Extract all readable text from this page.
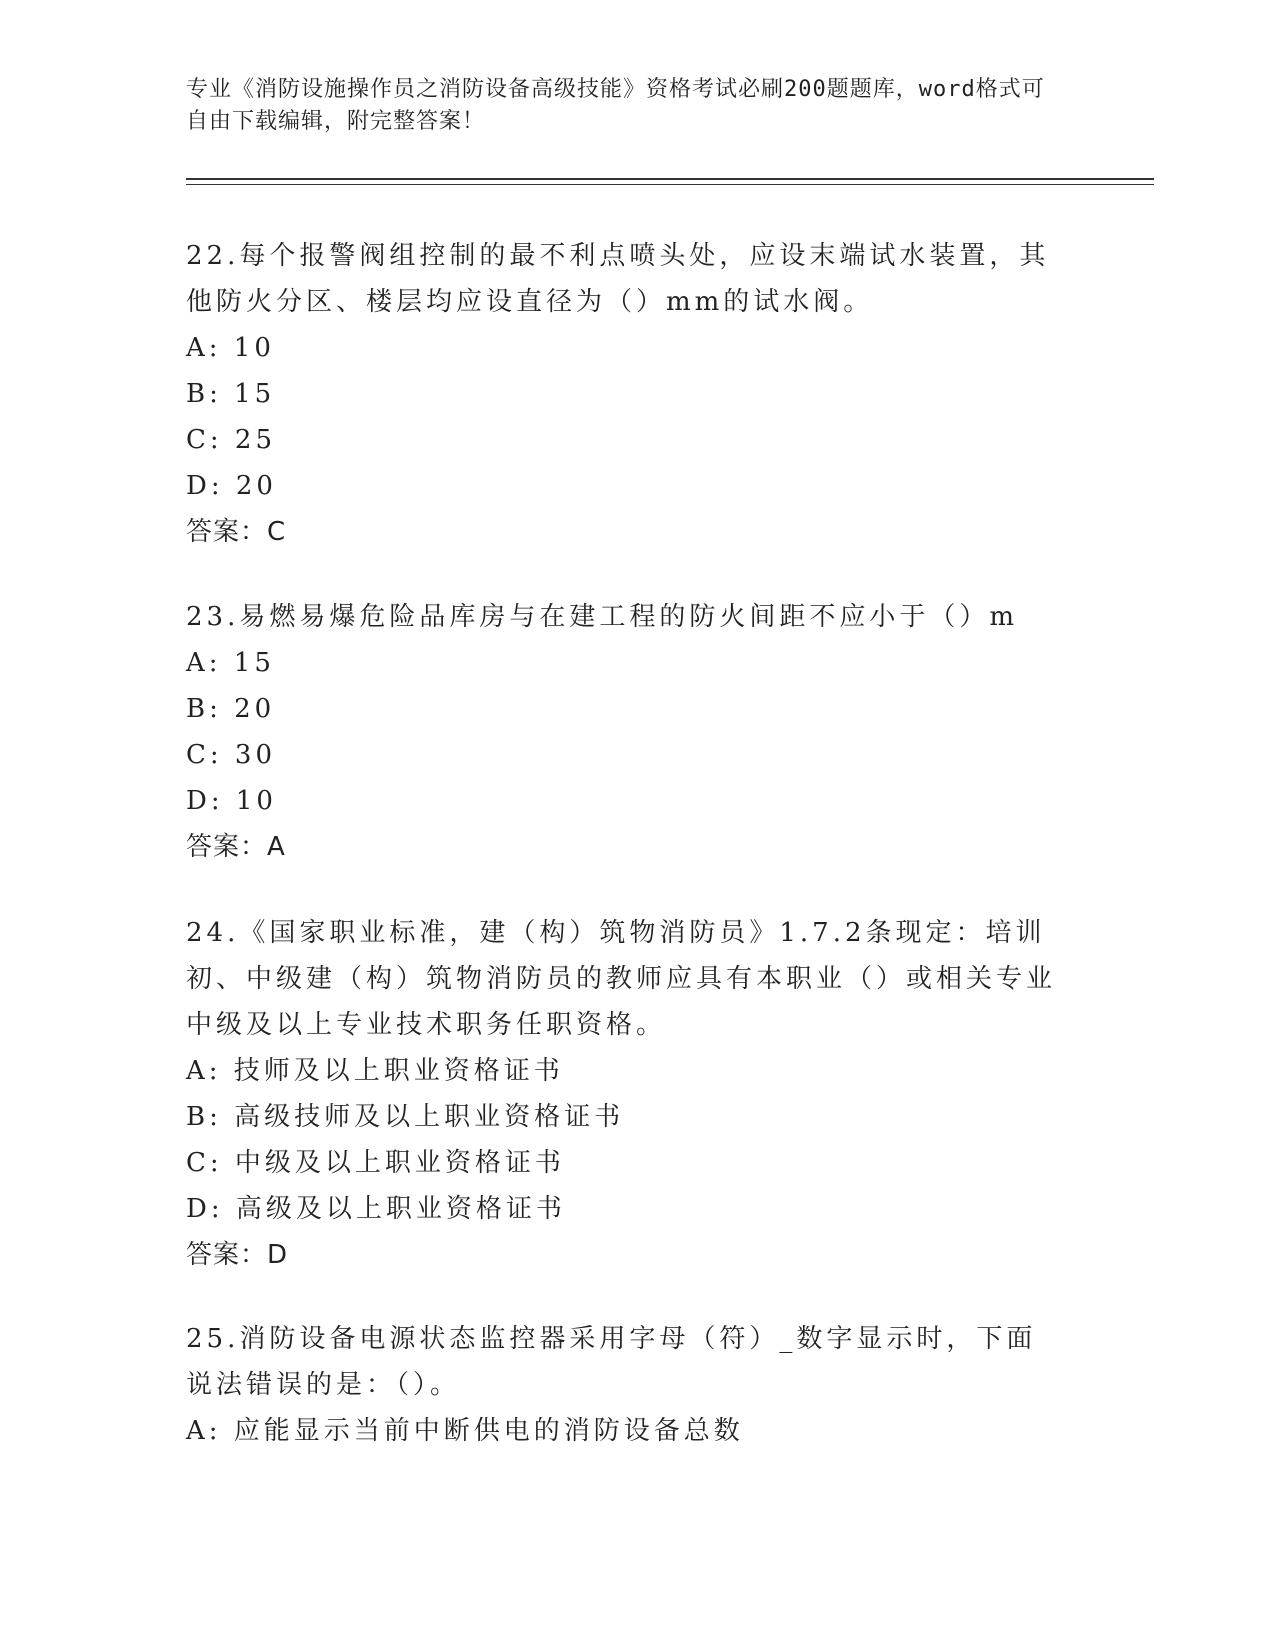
专业《消防设施操作员之消防设备高级技能》资格考试必刷200题题库，word格式可自由下载编辑，附完整答案！
22.每个报警阀组控制的最不利点喷头处，应设末端试水装置，其他防火分区、楼层均应设直径为（）mm的试水阀。
A: 10
B: 15
C: 25
D: 20
答案：C
23.易燃易爆危险品库房与在建工程的防火间距不应小于（）m
A: 15
B: 20
C: 30
D: 10
答案：A
24.《国家职业标准，建（构）筑物消防员》1.7.2条现定：培训初、中级建（构）筑物消防员的教师应具有本职业（）或相关专业中级及以上专业技术职务任职资格。
A: 技师及以上职业资格证书
B: 高级技师及以上职业资格证书
C: 中级及以上职业资格证书
D: 高级及以上职业资格证书
答案：D
25.消防设备电源状态监控器采用字母（符）_数字显示时，下面说法错误的是：（）。
A: 应能显示当前中断供电的消防设备总数
